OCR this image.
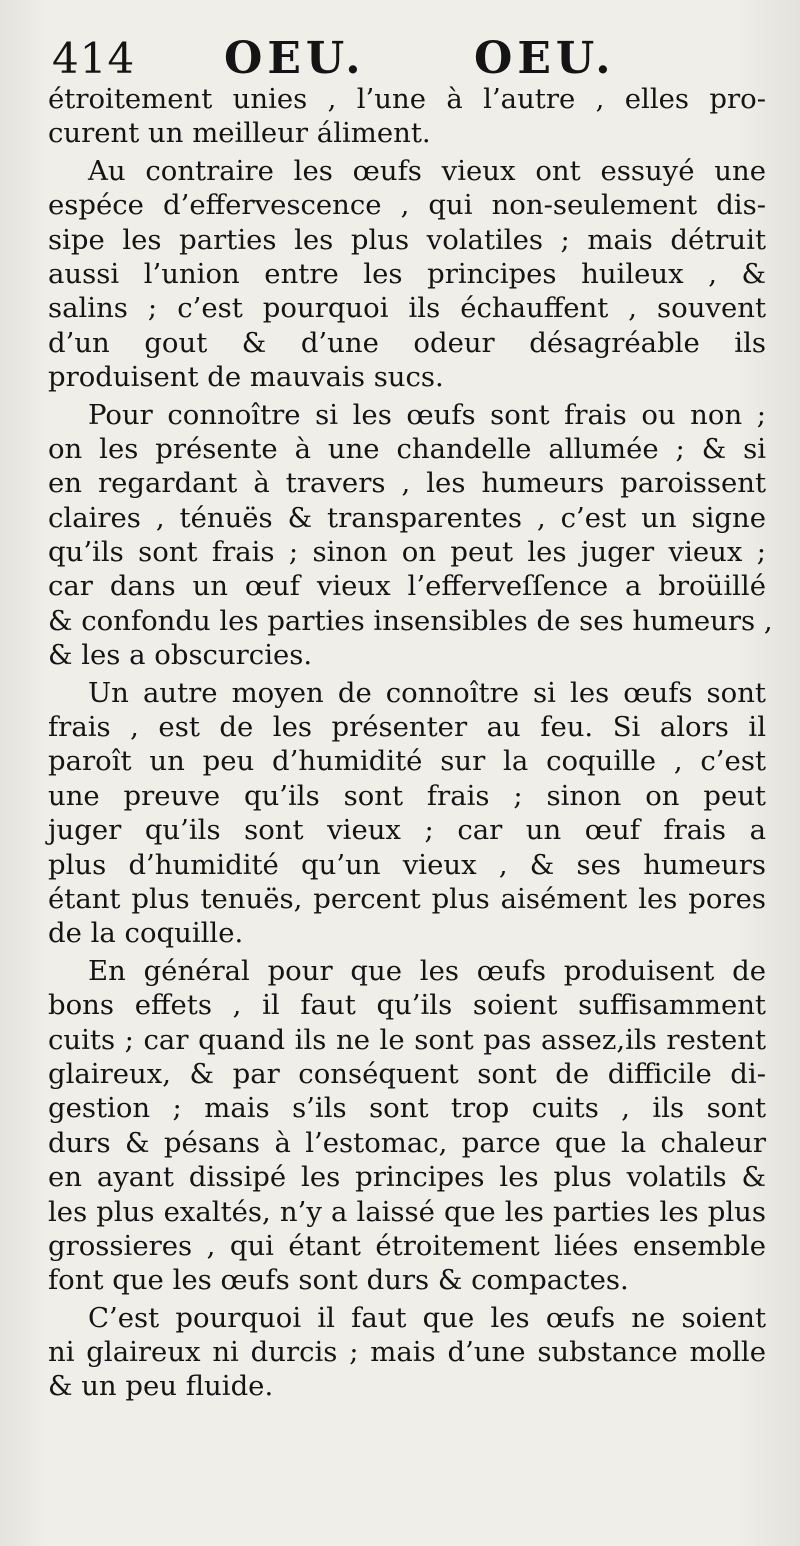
414 OEU. OEU.
étroitement unies , l’une à l’autre , elles pro-
curent un meilleur áliment.
Au contraire les œufs vieux ont essuyé une
espéce d’effervescence , qui non-seulement dis-
sipe les parties les plus volatiles ; mais détruit
aussi l’union entre les principes huileux , &
salins ; c’est pourquoi ils échauffent , souvent
d’un gout & d’une odeur désagréable ils
produisent de mauvais sucs.
Pour connoître si les œufs sont frais ou non ;
on les présente à une chandelle allumée ; & si
en regardant à travers , les humeurs paroissent
claires , ténuës & transparentes , c’est un signe
qu’ils sont frais ; sinon on peut les juger vieux ;
car dans un œuf vieux l’efferveſſence a broüillé
& confondu les parties insensibles de ses humeurs ,
& les a obscurcies.
Un autre moyen de connoître si les œufs sont
frais , est de les présenter au feu. Si alors il
paroît un peu d’humidité sur la coquille , c’est
une preuve qu’ils sont frais ; sinon on peut
juger qu’ils sont vieux ; car un œuf frais a
plus d’humidité qu’un vieux , & ses humeurs
étant plus tenuës, percent plus aisément les pores
de la coquille.
En général pour que les œufs produisent de
bons effets , il faut qu’ils soient suffisamment
cuits ; car quand ils ne le sont pas assez,ils restent
glaireux, & par conséquent sont de difficile di-
gestion ; mais s’ils sont trop cuits , ils sont
durs & pésans à l’estomac, parce que la chaleur
en ayant dissipé les principes les plus volatils &
les plus exaltés, n’y a laissé que les parties les plus
grossieres , qui étant étroitement liées ensemble
font que les œufs sont durs & compactes.
C’est pourquoi il faut que les œufs ne soient
ni glaireux ni durcis ; mais d’une substance molle
& un peu fluide.
